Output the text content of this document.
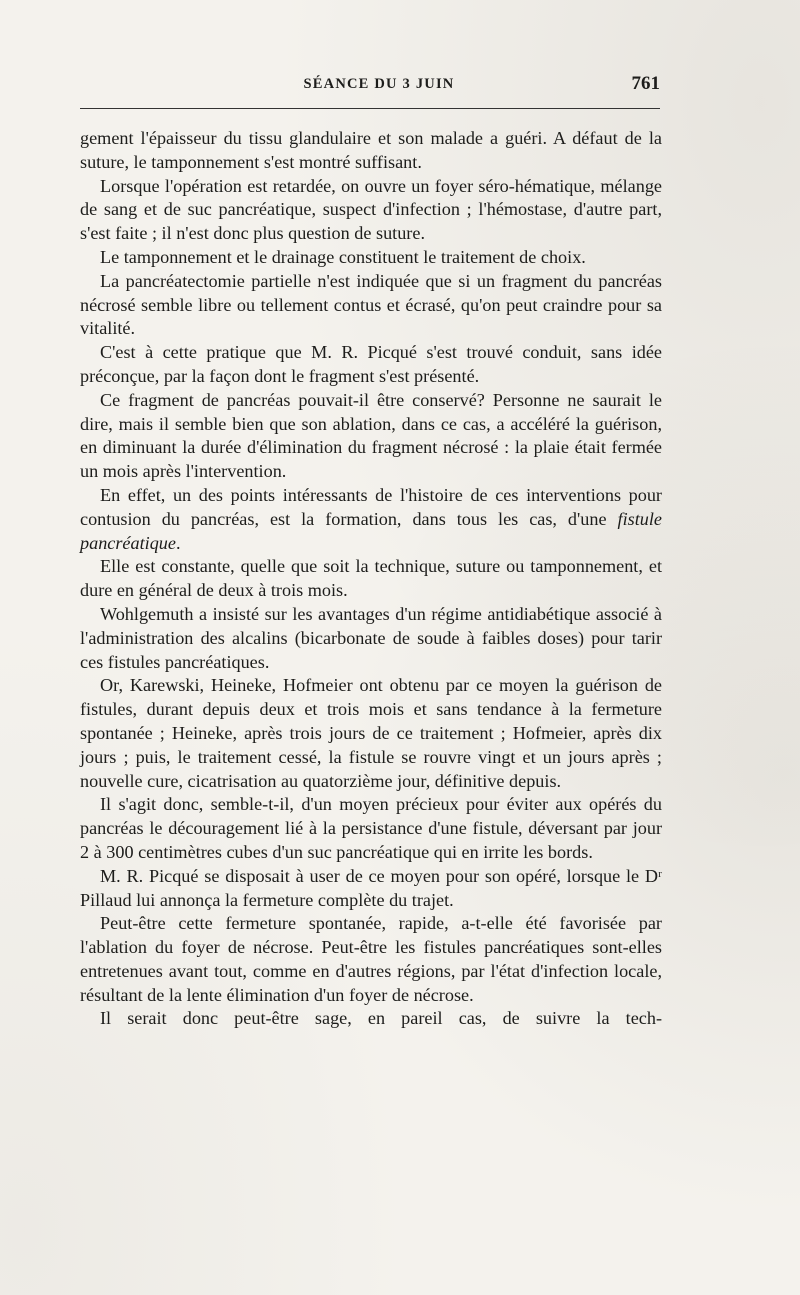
SÉANCE DU 3 JUIN	761

gement l'épaisseur du tissu glandulaire et son malade a guéri. A défaut de la suture, le tamponnement s'est montré suffisant.

Lorsque l'opération est retardée, on ouvre un foyer séro-hématique, mélange de sang et de suc pancréatique, suspect d'infection ; l'hémostase, d'autre part, s'est faite ; il n'est donc plus question de suture.

Le tamponnement et le drainage constituent le traitement de choix.

La pancréatectomie partielle n'est indiquée que si un fragment du pancréas nécrosé semble libre ou tellement contus et écrasé, qu'on peut craindre pour sa vitalité.

C'est à cette pratique que M. R. Picqué s'est trouvé conduit, sans idée préconçue, par la façon dont le fragment s'est présenté.

Ce fragment de pancréas pouvait-il être conservé? Personne ne saurait le dire, mais il semble bien que son ablation, dans ce cas, a accéléré la guérison, en diminuant la durée d'élimination du fragment nécrosé : la plaie était fermée un mois après l'intervention.

En effet, un des points intéressants de l'histoire de ces interventions pour contusion du pancréas, est la formation, dans tous les cas, d'une fistule pancréatique.

Elle est constante, quelle que soit la technique, suture ou tamponnement, et dure en général de deux à trois mois.

Wohlgemuth a insisté sur les avantages d'un régime antidiabétique associé à l'administration des alcalins (bicarbonate de soude à faibles doses) pour tarir ces fistules pancréatiques.

Or, Karewski, Heineke, Hofmeier ont obtenu par ce moyen la guérison de fistules, durant depuis deux et trois mois et sans tendance à la fermeture spontanée ; Heineke, après trois jours de ce traitement ; Hofmeier, après dix jours ; puis, le traitement cessé, la fistule se rouvre vingt et un jours après ; nouvelle cure, cicatrisation au quatorzième jour, définitive depuis.

Il s'agit donc, semble-t-il, d'un moyen précieux pour éviter aux opérés du pancréas le découragement lié à la persistance d'une fistule, déversant par jour 2 à 300 centimètres cubes d'un suc pancréatique qui en irrite les bords.

M. R. Picqué se disposait à user de ce moyen pour son opéré, lorsque le Dʳ Pillaud lui annonça la fermeture complète du trajet.

Peut-être cette fermeture spontanée, rapide, a-t-elle été favorisée par l'ablation du foyer de nécrose. Peut-être les fistules pancréatiques sont-elles entretenues avant tout, comme en d'autres régions, par l'état d'infection locale, résultant de la lente élimination d'un foyer de nécrose.

Il serait donc peut-être sage, en pareil cas, de suivre la tech-
